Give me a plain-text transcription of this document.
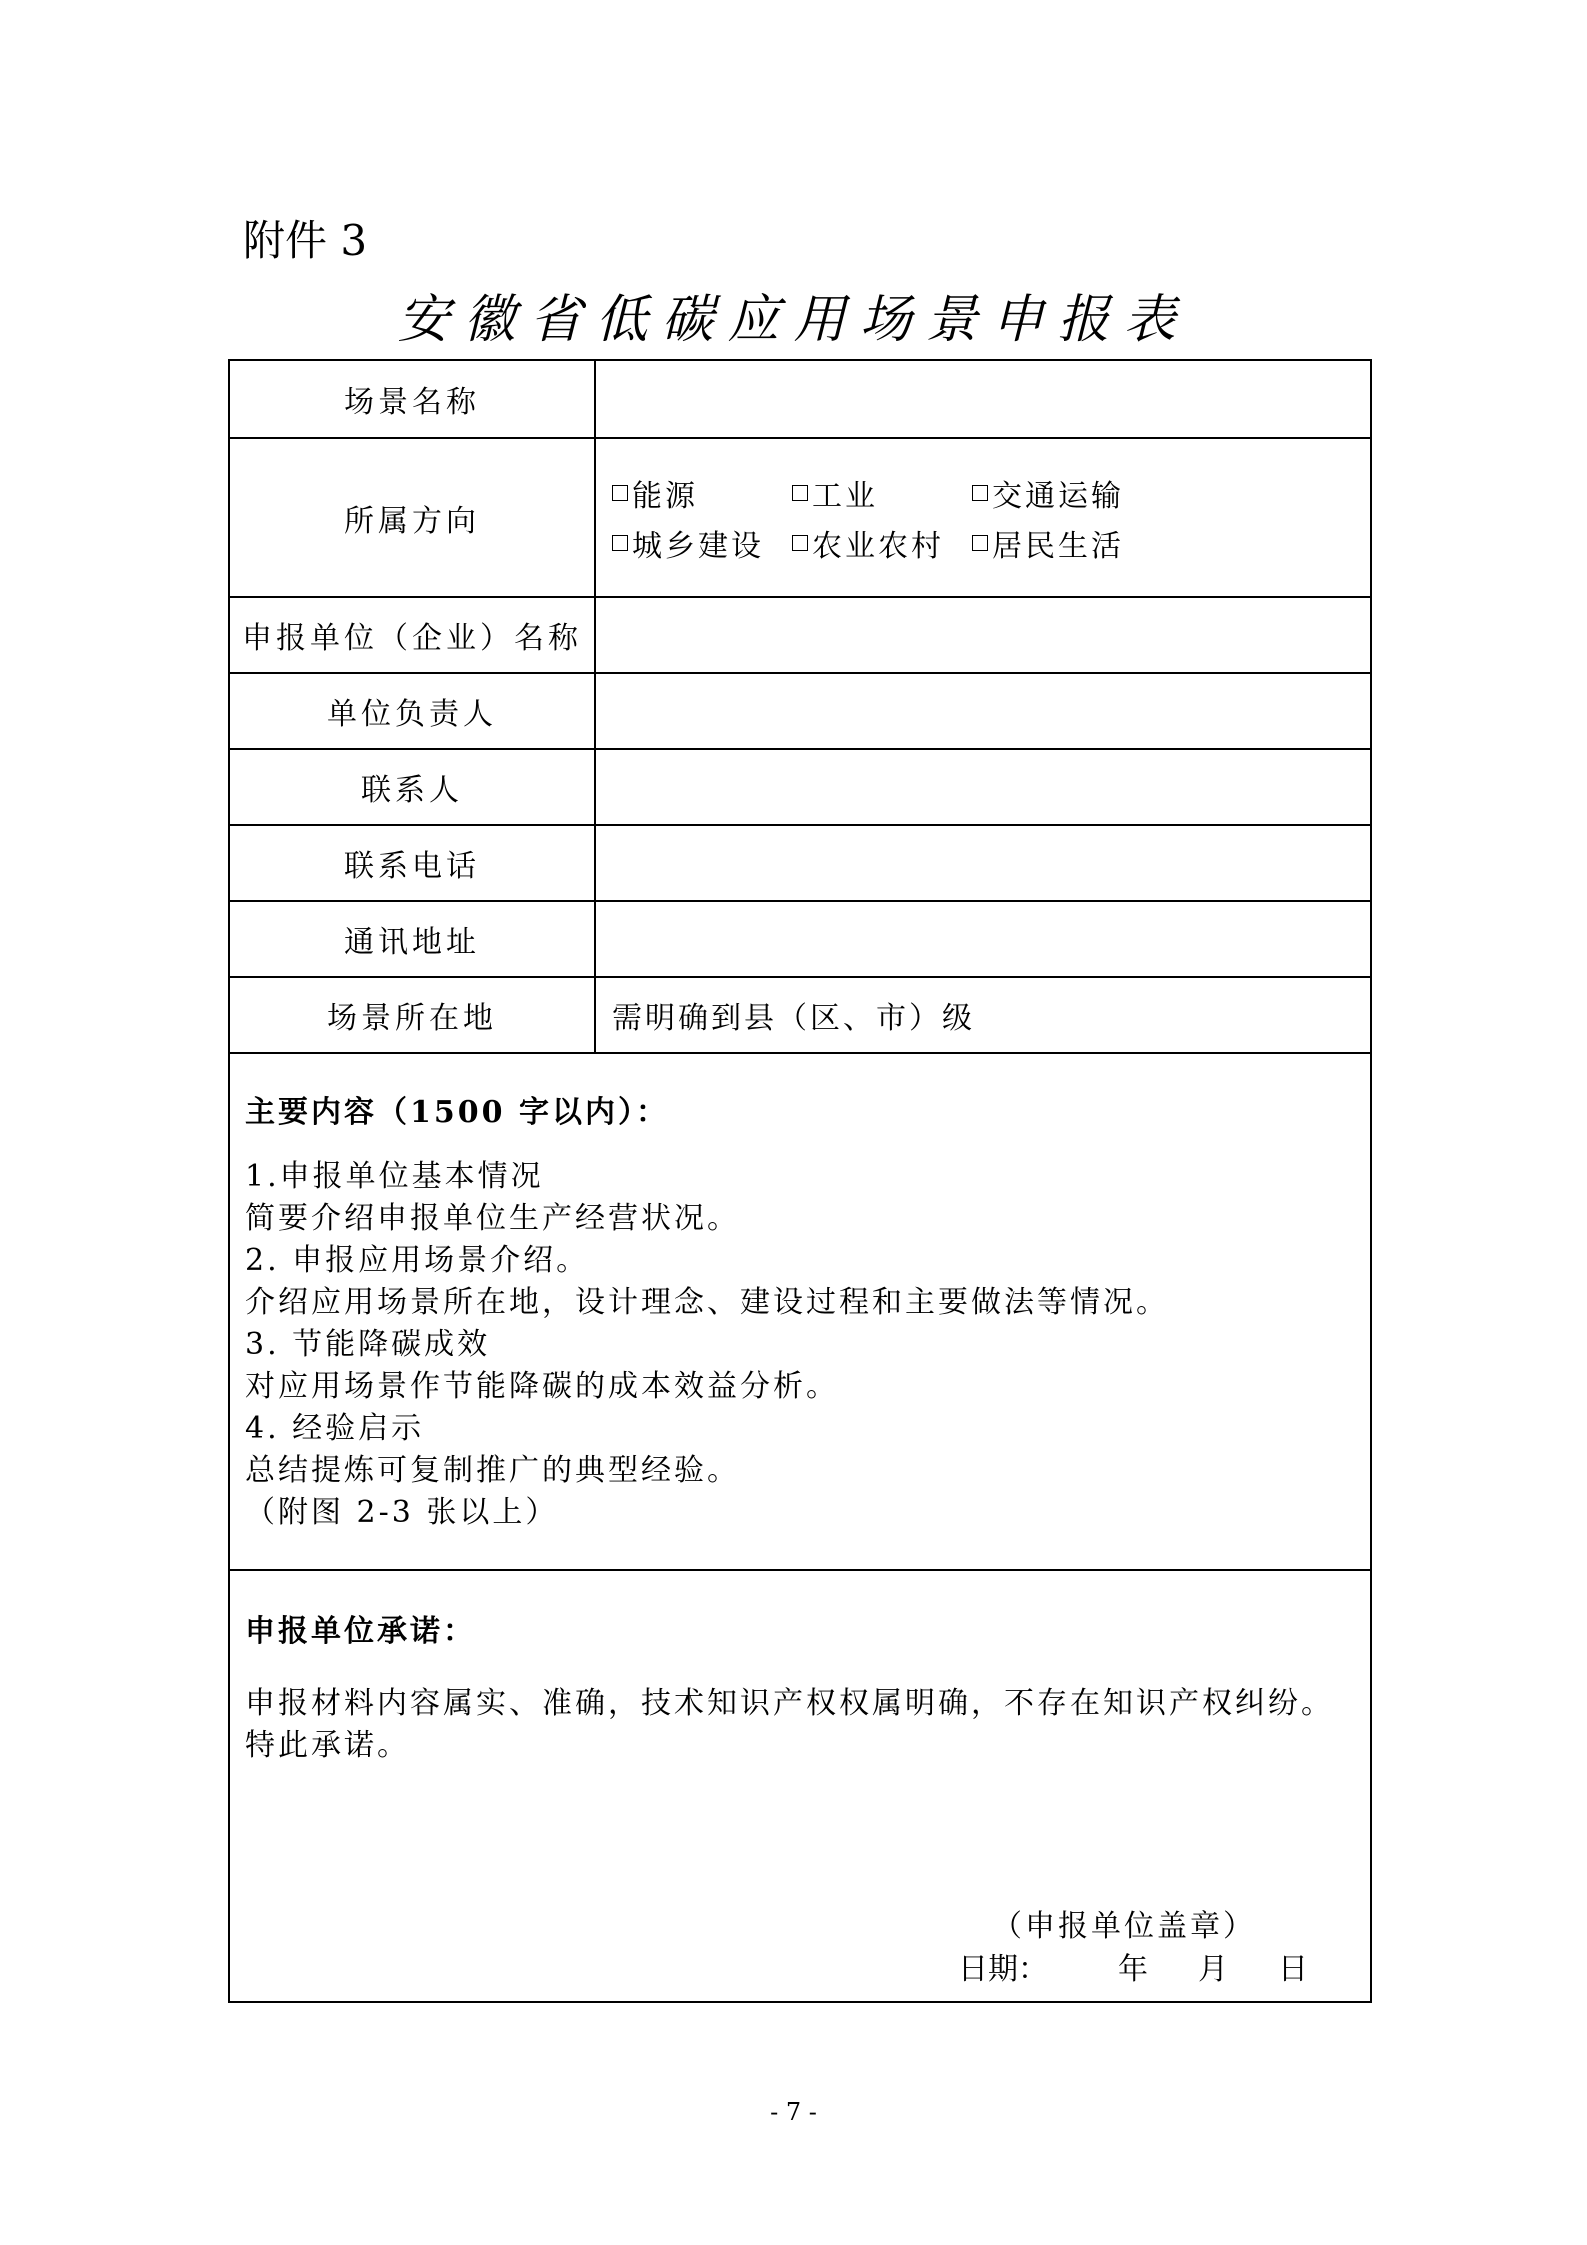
附件 3
安徽省低碳应用场景申报表
场景名称
所属方向
能源	工业	交通运输
城乡建设 农业农村 居民生活
申报单位（企业）名称
单位负责人
联系人
联系电话
通讯地址
场景所在地	需明确到县（区、市）级
主要内容（1500 字以内）：
1.申报单位基本情况
简要介绍申报单位生产经营状况。
2. 申报应用场景介绍。
介绍应用场景所在地，设计理念、建设过程和主要做法等情况。
3. 节能降碳成效
对应用场景作节能降碳的成本效益分析。
4. 经验启示
总结提炼可复制推广的典型经验。
（附图 2-3 张以上）
申报单位承诺：
申报材料内容属实、准确，技术知识产权权属明确，不存在知识产权纠纷。
特此承诺。
（申报单位盖章）
日期： 年 月 日
- 7 -
